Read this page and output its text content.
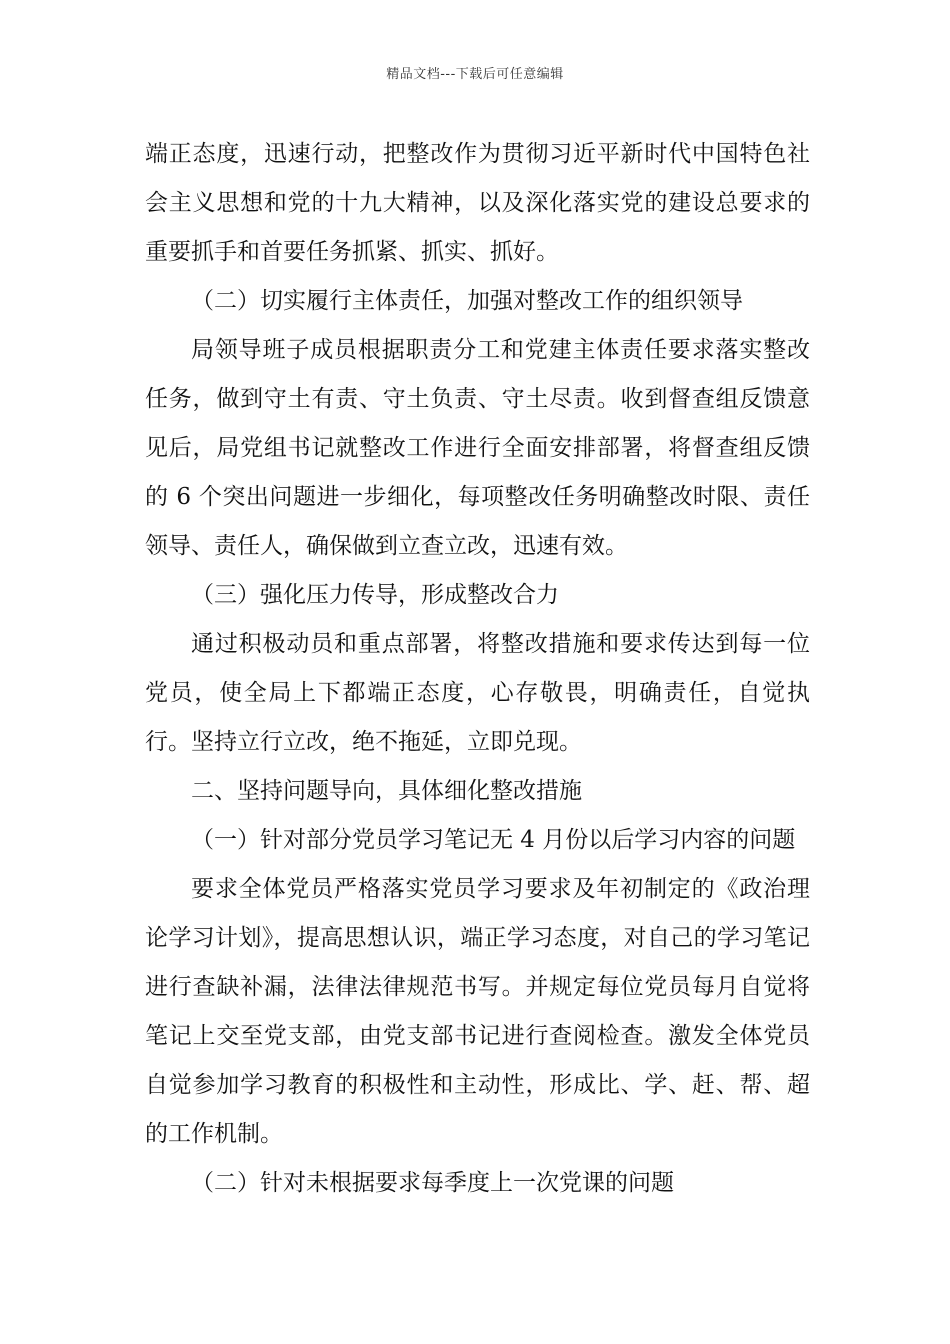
精品文档---下载后可任意编辑

端正态度，迅速行动，把整改作为贯彻习近平新时代中国特色社会主义思想和党的十九大精神，以及深化落实党的建设总要求的重要抓手和首要任务抓紧、抓实、抓好。

（二）切实履行主体责任，加强对整改工作的组织领导

局领导班子成员根据职责分工和党建主体责任要求落实整改任务，做到守土有责、守土负责、守土尽责。收到督查组反馈意见后，局党组书记就整改工作进行全面安排部署，将督查组反馈的 6 个突出问题进一步细化，每项整改任务明确整改时限、责任领导、责任人，确保做到立查立改，迅速有效。

（三）强化压力传导，形成整改合力

通过积极动员和重点部署，将整改措施和要求传达到每一位党员，使全局上下都端正态度，心存敬畏，明确责任，自觉执行。坚持立行立改，绝不拖延，立即兑现。

二、坚持问题导向，具体细化整改措施

（一）针对部分党员学习笔记无 4 月份以后学习内容的问题

要求全体党员严格落实党员学习要求及年初制定的《政治理论学习计划》，提高思想认识，端正学习态度，对自己的学习笔记进行查缺补漏，法律法律规范书写。并规定每位党员每月自觉将笔记上交至党支部，由党支部书记进行查阅检查。激发全体党员自觉参加学习教育的积极性和主动性，形成比、学、赶、帮、超的工作机制。

（二）针对未根据要求每季度上一次党课的问题
